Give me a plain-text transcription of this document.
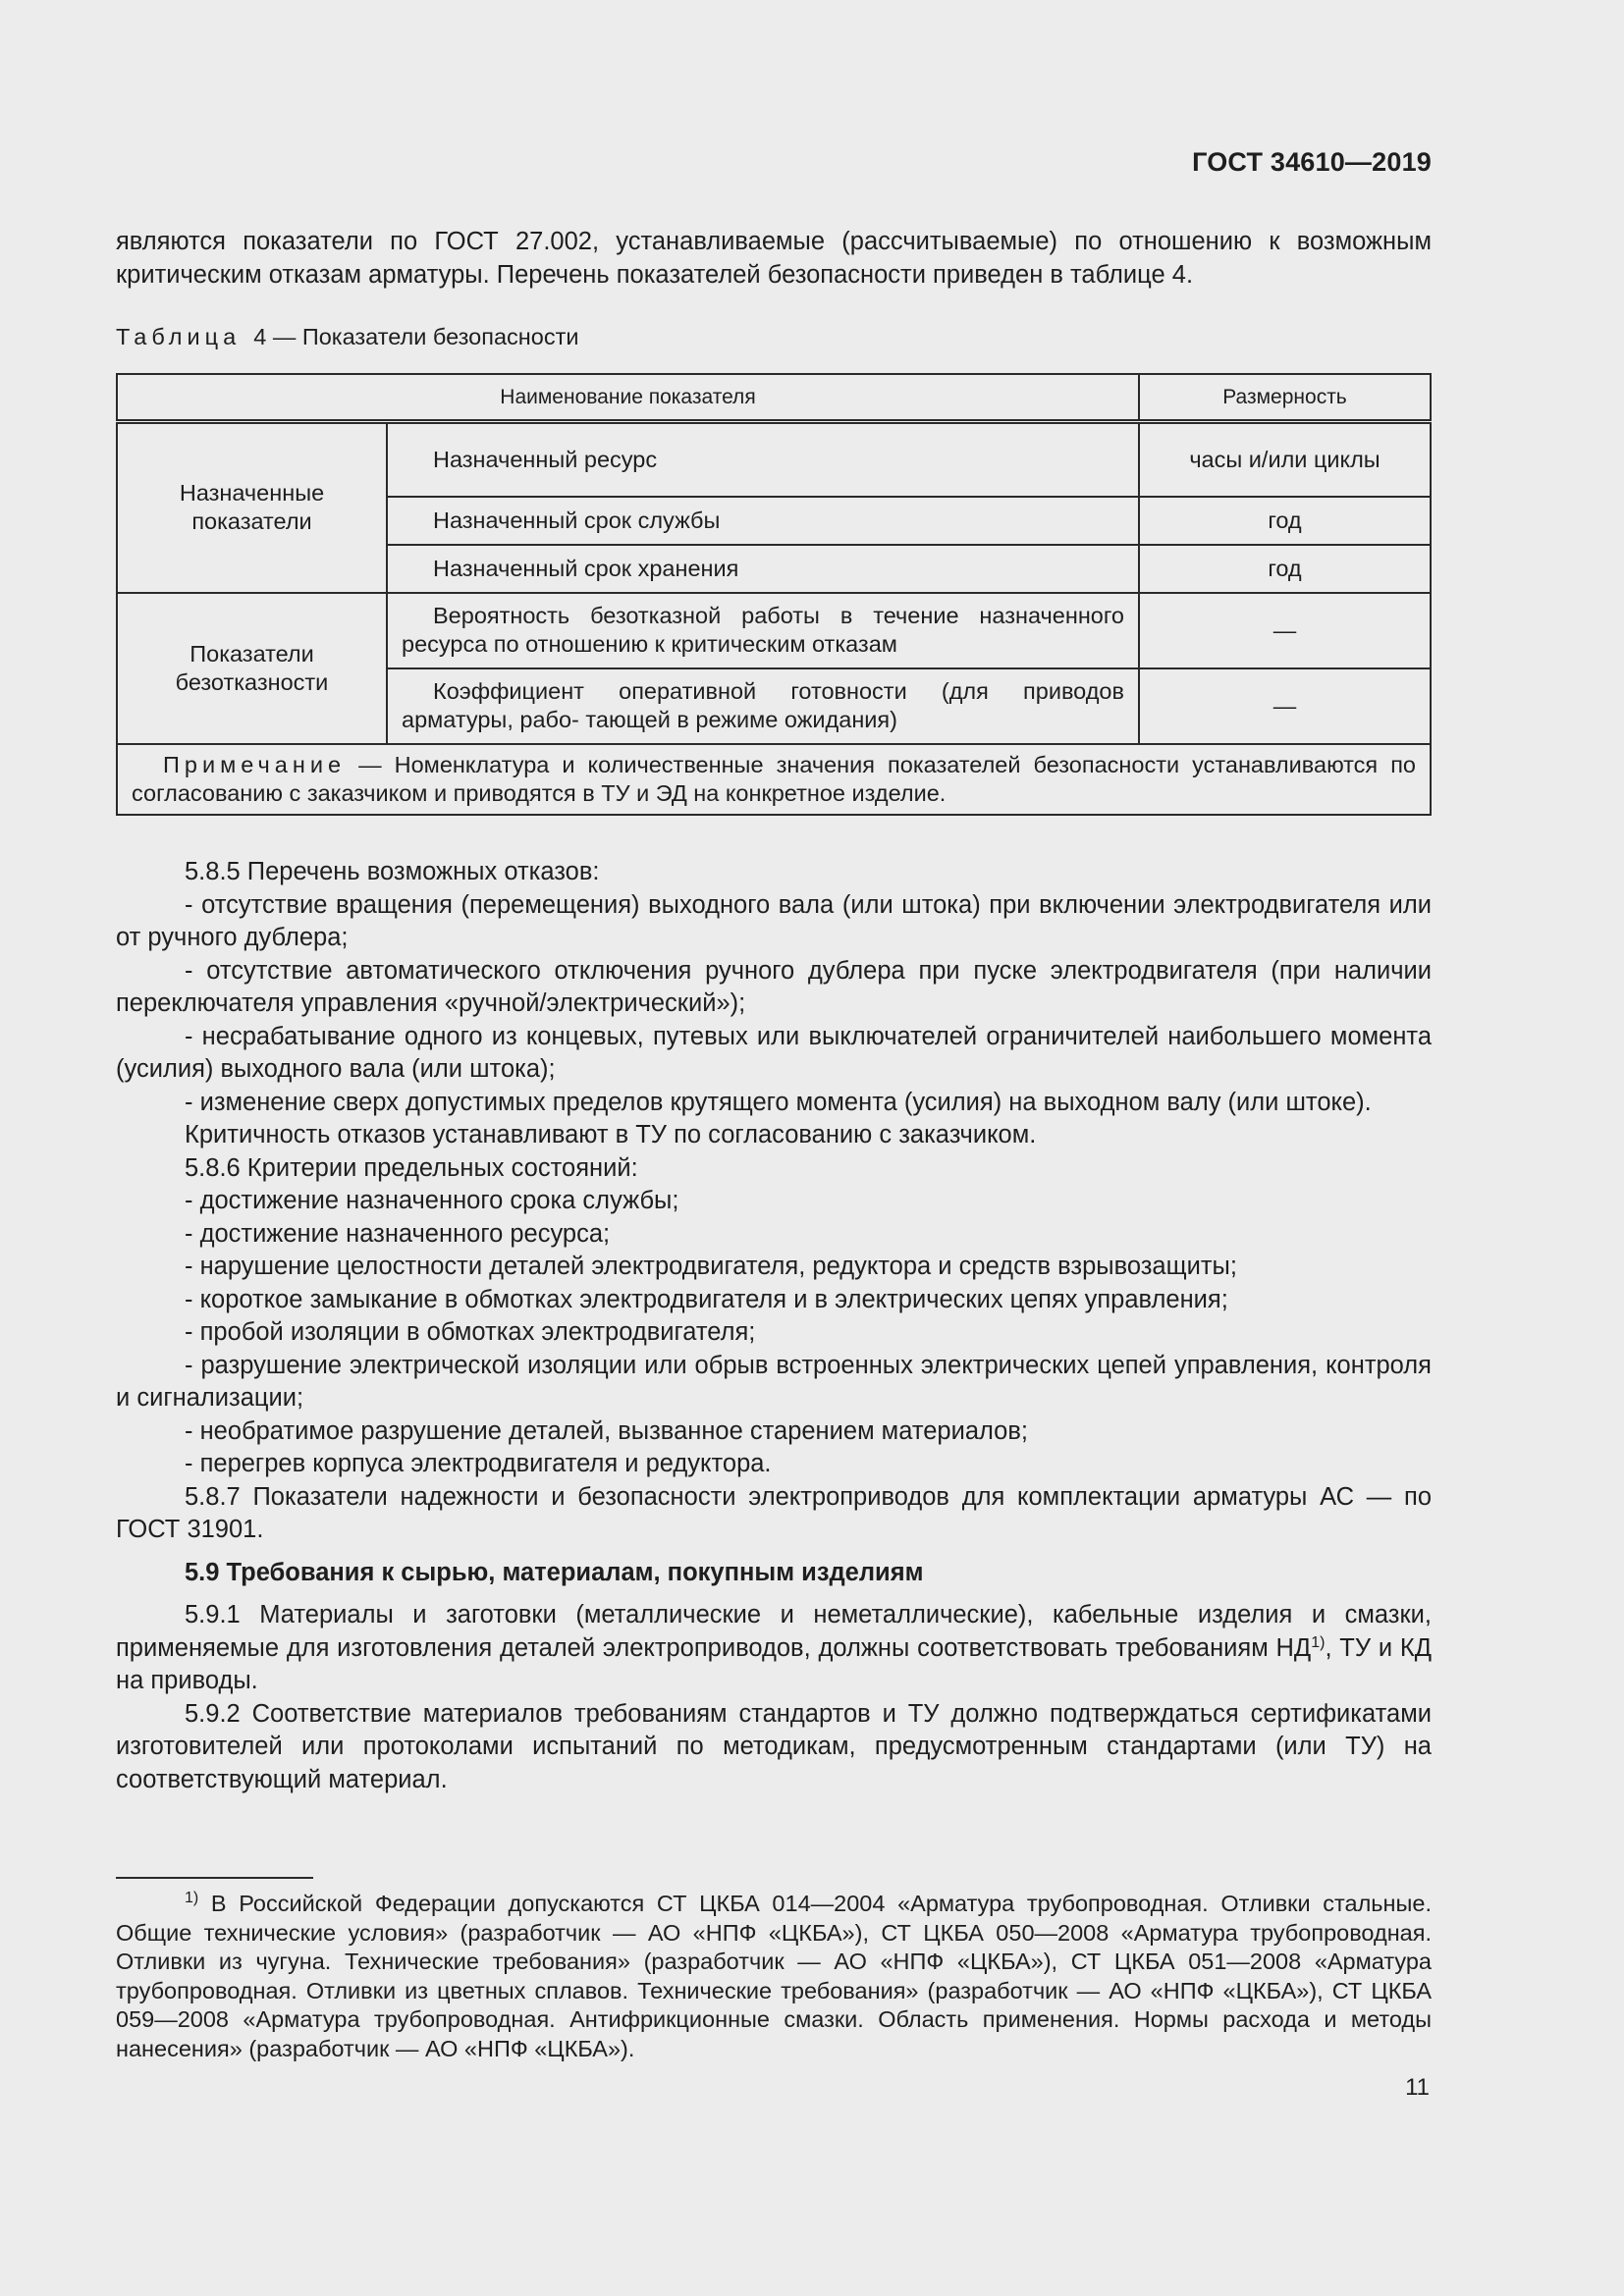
ГОСТ 34610—2019

являются показатели по ГОСТ 27.002, устанавливаемые (рассчитываемые) по отношению к возможным критическим отказам арматуры. Перечень показателей безопасности приведен в таблице 4.

Таблица 4 — Показатели безопасности
Наименование показателя		Размерность
Назначенные показатели	Назначенный ресурс	часы и/или циклы
	Назначенный срок службы	год
	Назначенный срок хранения	год
Показатели безотказности	Вероятность безотказной работы в течение назначенного ресурса по отношению к критическим отказам	—
	Коэффициент оперативной готовности (для приводов арматуры, рабо- тающей в режиме ожидания)	—
Примечание — Номенклатура и количественные значения показателей безопасности устанавливаются по согласованию с заказчиком и приводятся в ТУ и ЭД на конкретное изделие.		

5.8.5 Перечень возможных отказов:

- отсутствие вращения (перемещения) выходного вала (или штока) при включении электродвигателя или от ручного дублера;

- отсутствие автоматического отключения ручного дублера при пуске электродвигателя (при наличии переключателя управления «ручной/электрический»);

- несрабатывание одного из концевых, путевых или выключателей ограничителей наибольшего момента (усилия) выходного вала (или штока);

- изменение сверх допустимых пределов крутящего момента (усилия) на выходном валу (или штоке).

Критичность отказов устанавливают в ТУ по согласованию с заказчиком.

5.8.6 Критерии предельных состояний:

- достижение назначенного срока службы;

- достижение назначенного ресурса;

- нарушение целостности деталей электродвигателя, редуктора и средств взрывозащиты;

- короткое замыкание в обмотках электродвигателя и в электрических цепях управления;

- пробой изоляции в обмотках электродвигателя;

- разрушение электрической изоляции или обрыв встроенных электрических цепей управления, контроля и сигнализации;

- необратимое разрушение деталей, вызванное старением материалов;

- перегрев корпуса электродвигателя и редуктора.

5.8.7 Показатели надежности и безопасности электроприводов для комплектации арматуры АС — по ГОСТ 31901.

5.9 Требования к сырью, материалам, покупным изделиям

5.9.1 Материалы и заготовки (металлические и неметаллические), кабельные изделия и смазки, применяемые для изготовления деталей электроприводов, должны соответствовать требованиям НД$^{1)}$, ТУ и КД на приводы.

5.9.2 Соответствие материалов требованиям стандартов и ТУ должно подтверждаться сертификатами изготовителей или протоколами испытаний по методикам, предусмотренным стандартами (или ТУ) на соответствующий материал.

$^{1)}$ В Российской Федерации допускаются СТ ЦКБА 014—2004 «Арматура трубопроводная. Отливки стальные. Общие технические условия» (разработчик — АО «НПФ «ЦКБА»), СТ ЦКБА 050—2008 «Арматура трубопроводная. Отливки из чугуна. Технические требования» (разработчик — АО «НПФ «ЦКБА»), СТ ЦКБА 051—2008 «Арматура трубопроводная. Отливки из цветных сплавов. Технические требования» (разработчик — АО «НПФ «ЦКБА»), СТ ЦКБА 059—2008 «Арматура трубопроводная. Антифрикционные смазки. Область применения. Нормы расхода и методы нанесения» (разработчик — АО «НПФ «ЦКБА»).

11
